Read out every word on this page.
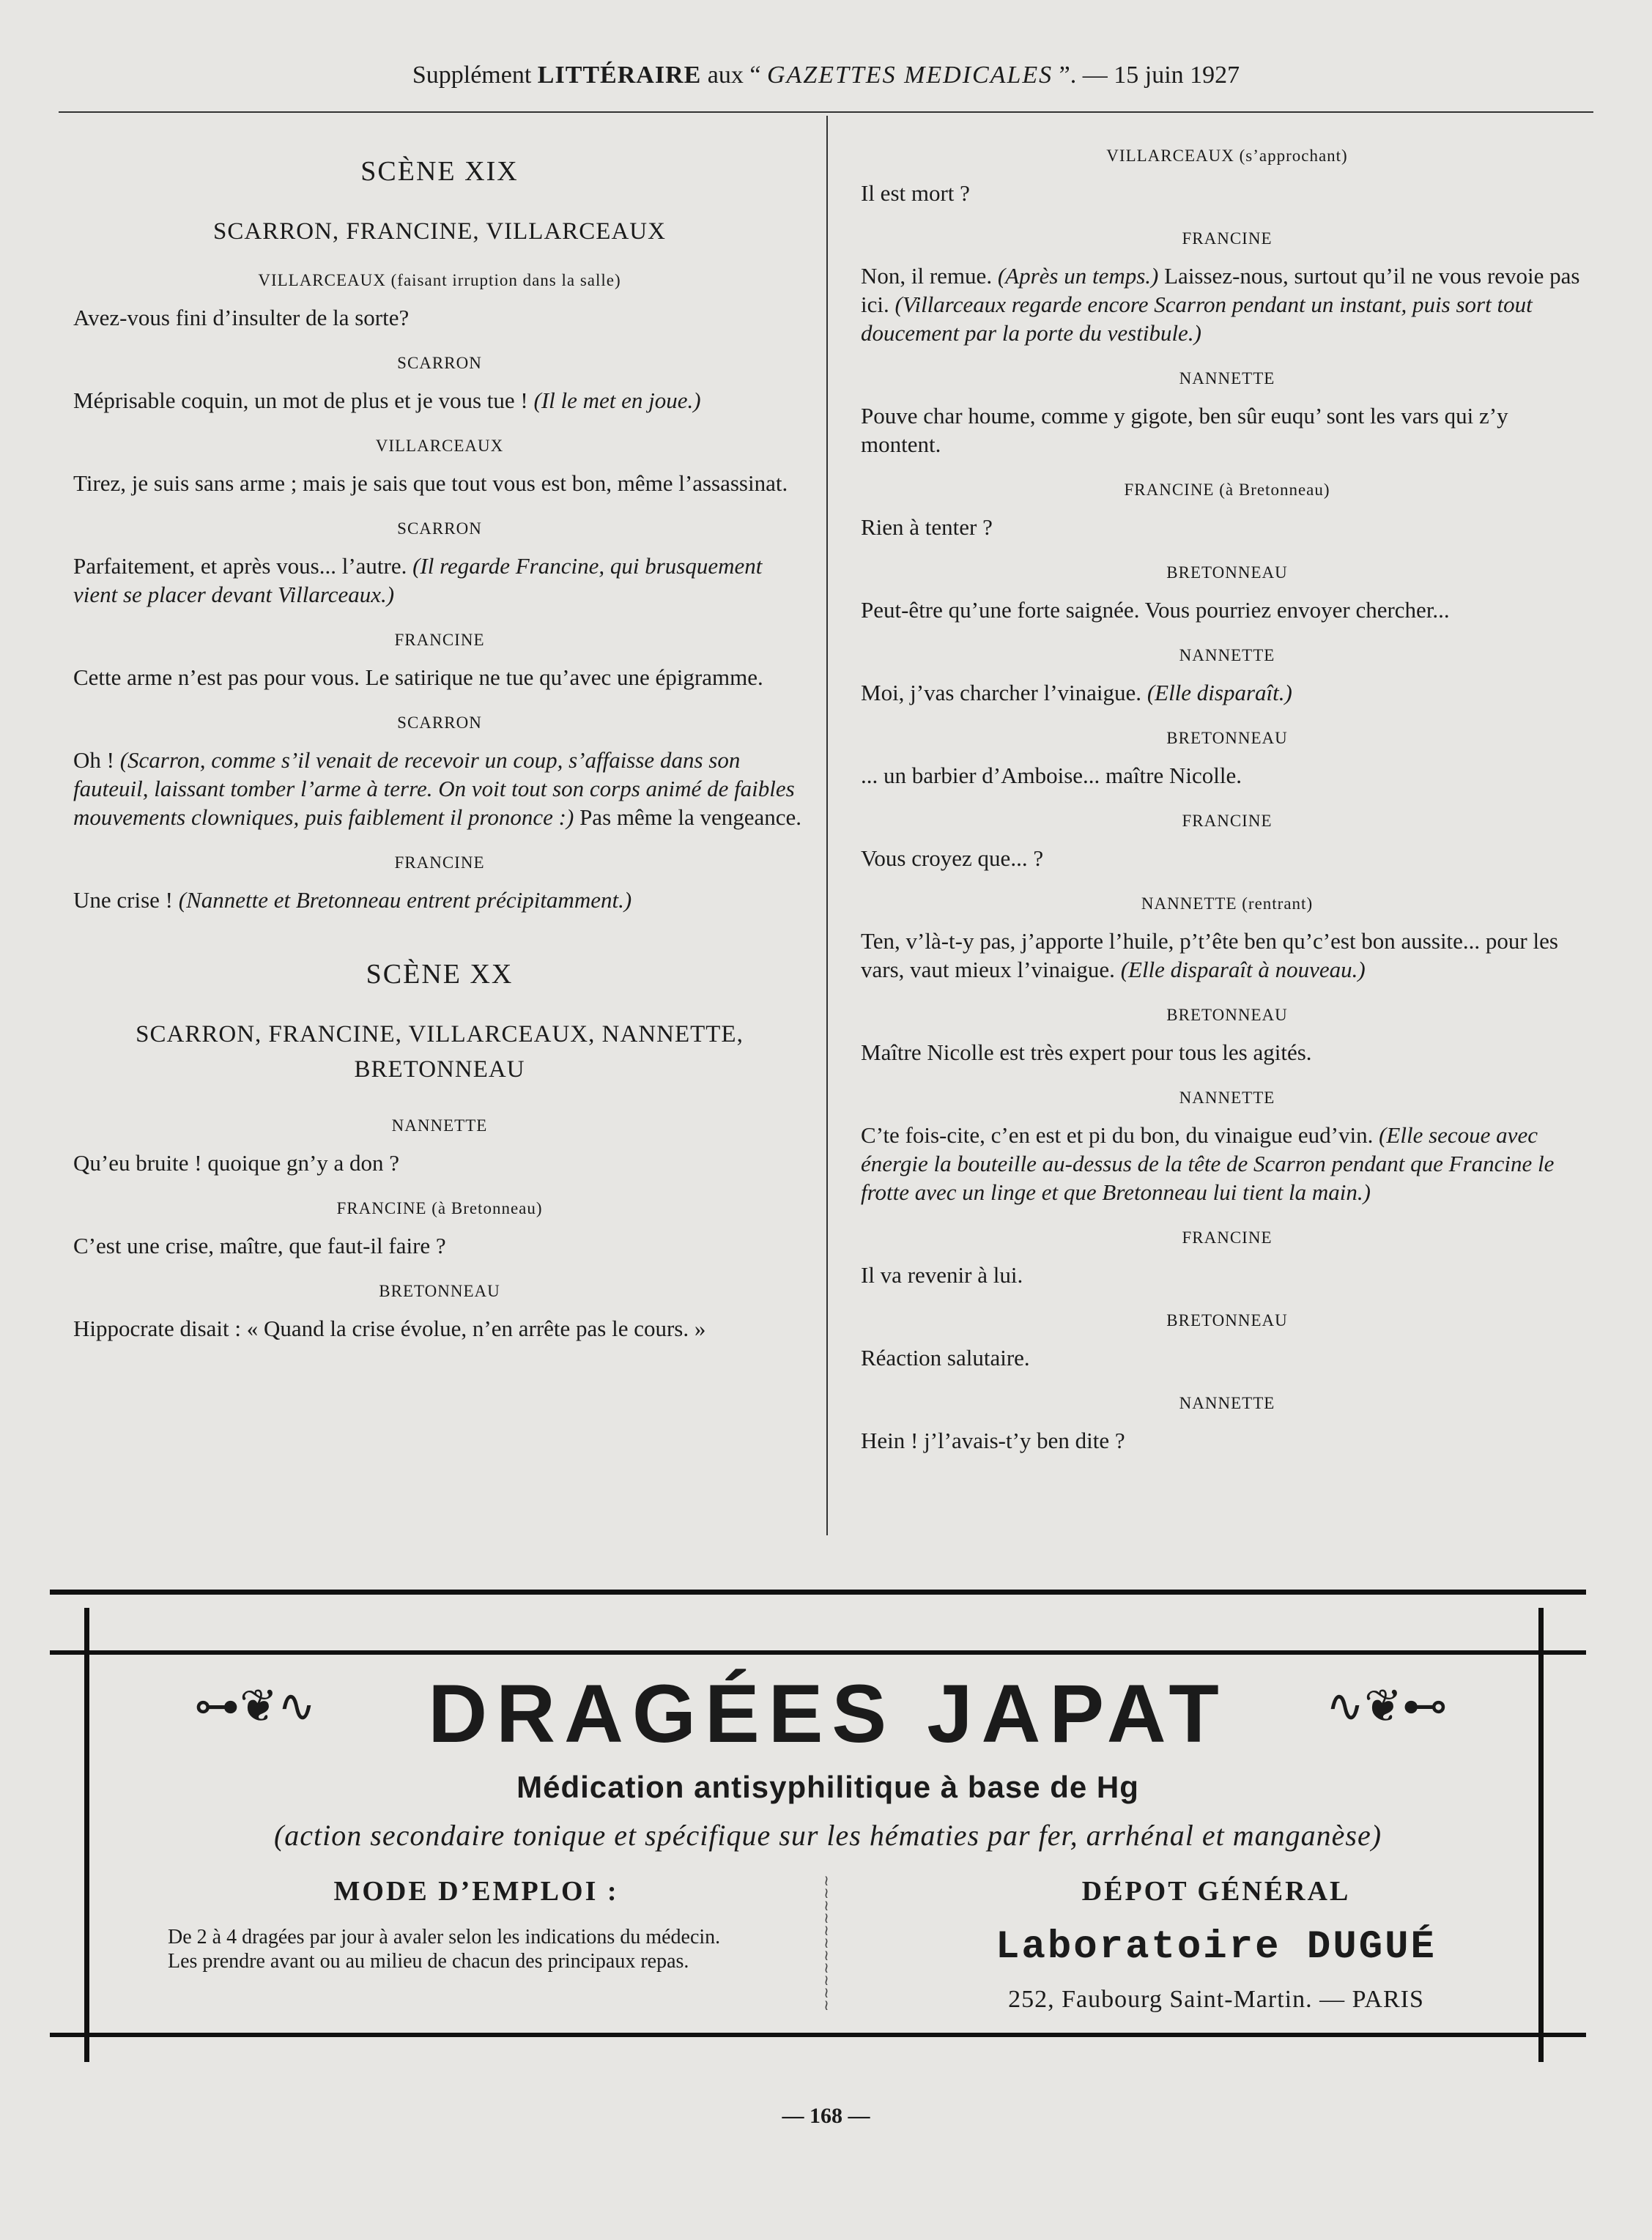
Supplément LITTÉRAIRE aux “ GAZETTES MEDICALES ”. — 15 juin 1927
SCÈNE XIX
SCARRON, FRANCINE, VILLARCEAUX
VILLARCEAUX (faisant irruption dans la salle)
Avez-vous fini d’insulter de la sorte?
SCARRON
Méprisable coquin, un mot de plus et je vous tue ! (Il le met en joue.)
VILLARCEAUX
Tirez, je suis sans arme ; mais je sais que tout vous est bon, même l’assassinat.
SCARRON
Parfaitement, et après vous... l’autre. (Il regarde Francine, qui brusquement vient se placer devant Villarceaux.)
FRANCINE
Cette arme n’est pas pour vous. Le satirique ne tue qu’avec une épigramme.
SCARRON
Oh ! (Scarron, comme s’il venait de recevoir un coup, s’affaisse dans son fauteuil, laissant tomber l’arme à terre. On voit tout son corps animé de faibles mouvements clowniques, puis faiblement il prononce :) Pas même la vengeance.
FRANCINE
Une crise ! (Nannette et Bretonneau entrent précipitamment.)
SCÈNE XX
SCARRON, FRANCINE, VILLARCEAUX, NANNETTE,
BRETONNEAU
NANNETTE
Qu’eu bruite ! quoique gn’y a don ?
FRANCINE (à Bretonneau)
C’est une crise, maître, que faut-il faire ?
BRETONNEAU
Hippocrate disait : « Quand la crise évolue, n’en arrête pas le cours. »
VILLARCEAUX (s’approchant)
Il est mort ?
FRANCINE
Non, il remue. (Après un temps.) Laissez-nous, surtout qu’il ne vous revoie pas ici. (Villarceaux regarde encore Scarron pendant un instant, puis sort tout doucement par la porte du vestibule.)
NANNETTE
Pouve char houme, comme y gigote, ben sûr euqu’ sont les vars qui z’y montent.
FRANCINE (à Bretonneau)
Rien à tenter ?
BRETONNEAU
Peut-être qu’une forte saignée. Vous pourriez envoyer chercher...
NANNETTE
Moi, j’vas charcher l’vinaigue. (Elle disparaît.)
BRETONNEAU
... un barbier d’Amboise... maître Nicolle.
FRANCINE
Vous croyez que... ?
NANNETTE (rentrant)
Ten, v’là-t-y pas, j’apporte l’huile, p’t’ête ben qu’c’est bon aussite... pour les vars, vaut mieux l’vinaigue. (Elle disparaît à nouveau.)
BRETONNEAU
Maître Nicolle est très expert pour tous les agités.
NANNETTE
C’te fois-cite, c’en est et pi du bon, du vinaigue eud’vin. (Elle secoue avec énergie la bouteille au-dessus de la tête de Scarron pendant que Francine le frotte avec un linge et que Bretonneau lui tient la main.)
FRANCINE
Il va revenir à lui.
BRETONNEAU
Réaction salutaire.
NANNETTE
Hein ! j’l’avais-t’y ben dite ?
⊶❦∿	DRAGÉES JAPAT	∿❦⊷
Médication antisyphilitique à base de Hg
(action secondaire tonique et spécifique sur les hématies par fer, arrhénal et manganèse)
MODE D’EMPLOI :

De 2 à 4 dragées par jour à avaler selon les indications du médecin.

Les prendre avant ou au milieu de chacun des principaux repas.

≀
≀
≀
≀
≀
≀
≀
≀
≀
≀
≀
DÉPOT GÉNÉRAL
Laboratoire DUGUÉ
252, Faubourg Saint-Martin. — PARIS
— 168 —
